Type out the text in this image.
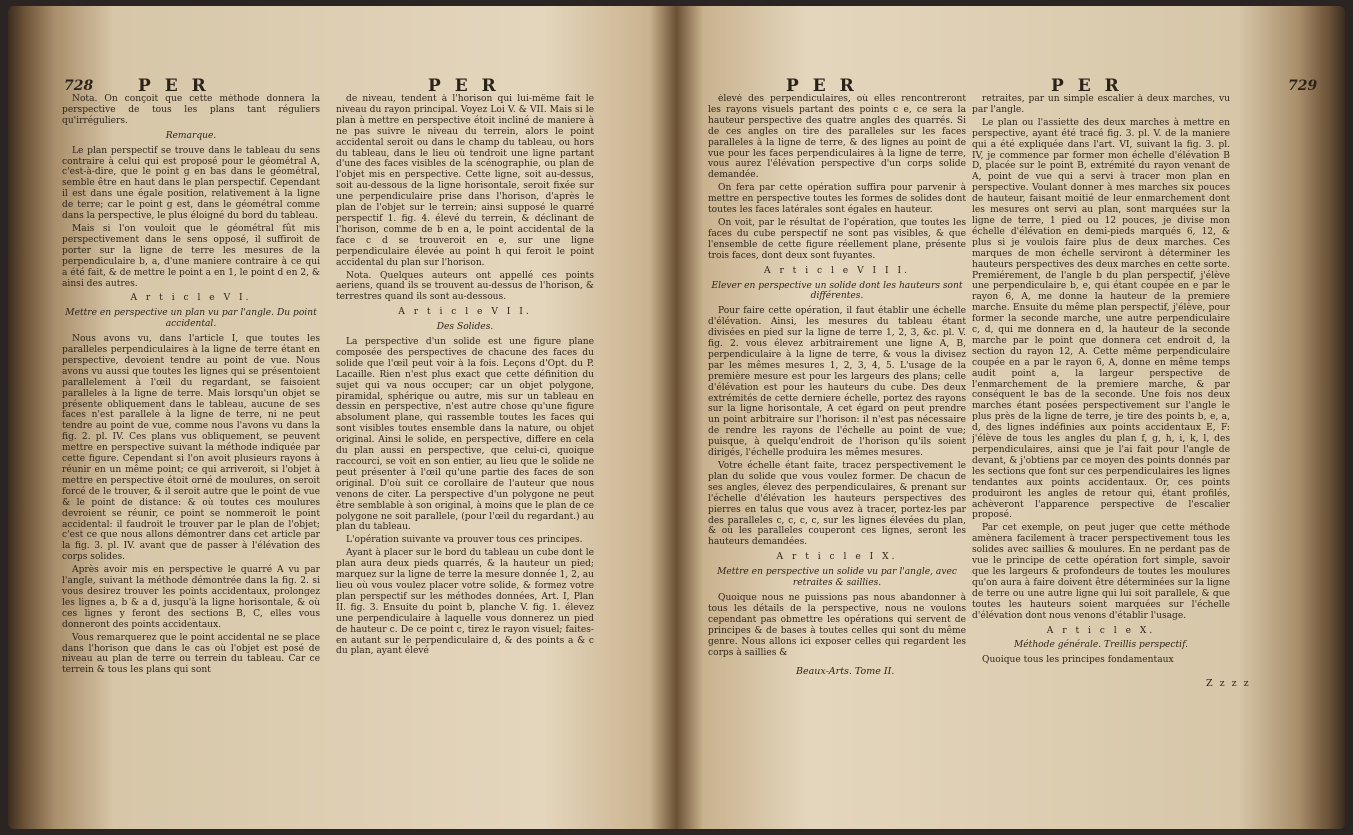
728	P E R	P E R

Nota. On conçoit que cette méthode donnera la perspective de tous les plans tant réguliers qu'irréguliers.

Remarque.

Le plan perspectif se trouve dans le tableau du sens contraire à celui qui est proposé pour le géométral A, c'est-à-dire, que le point g en bas dans le géométral, semble être en haut dans le plan perspectif. Cependant il est dans une égale position, relativement à la ligne de terre; car le point g est, dans le géométral comme dans la perspective, le plus éloigné du bord du tableau.

Mais si l'on vouloit que le géométral fût mis perspectivement dans le sens opposé, il suffiroit de porter sur la ligne de terre les mesures de la perpendiculaire b, a, d'une maniere contraire à ce qui a été fait, & de mettre le point a en 1, le point d en 2, & ainsi des autres.

A r t i c l e V I.

Mettre en perspective un plan vu par l'angle. Du point accidental.

Nous avons vu, dans l'article I, que toutes les paralleles perpendiculaires à la ligne de terre étant en perspective, devoient tendre au point de vue. Nous avons vu aussi que toutes les lignes qui se présentoient parallelement à l'œil du regardant, se faisoient paralleles à la ligne de terre. Mais lorsqu'un objet se présente obliquement dans le tableau, aucune de ses faces n'est parallele à la ligne de terre, ni ne peut tendre au point de vue, comme nous l'avons vu dans la fig. 2. pl. IV. Ces plans vus obliquement, se peuvent mettre en perspective suivant la méthode indiquée par cette figure. Cependant si l'on avoit plusieurs rayons à réunir en un même point; ce qui arriveroit, si l'objet à mettre en perspective étoit orné de moulures, on seroit forcé de le trouver, & il seroit autre que le point de vue & le point de distance: & où toutes ces moulures devroient se réunir, ce point se nommeroit le point accidental: il faudroit le trouver par le plan de l'objet; c'est ce que nous allons démontrer dans cet article par la fig. 3. pl. IV. avant que de passer à l'élévation des corps solides.

Après avoir mis en perspective le quarré A vu par l'angle, suivant la méthode démontrée dans la fig. 2. si vous desirez trouver les points accidentaux, prolongez les lignes a, b & a d, jusqu'à la ligne horisontale, & où ces lignes y feront des sections B, C, elles vous donneront des points accidentaux.

Vous remarquerez que le point accidental ne se place dans l'horison que dans le cas où l'objet est posé de niveau au plan de terre ou terrein du tableau. Car ce terrein & tous les plans qui sont

de niveau, tendent à l'horison qui lui-même fait le niveau du rayon principal. Voyez Loi V. & VII. Mais si le plan à mettre en perspective étoit incliné de maniere à ne pas suivre le niveau du terrein, alors le point accidental seroit ou dans le champ du tableau, ou hors du tableau, dans le lieu où tendroit une ligne partant d'une des faces visibles de la scénographie, ou plan de l'objet mis en perspective. Cette ligne, soit au-dessus, soit au-dessous de la ligne horisontale, seroit fixée sur une perpendiculaire prise dans l'horison, d'après le plan de l'objet sur le terrein; ainsi supposé le quarré perspectif 1. fig. 4. élevé du terrein, & déclinant de l'horison, comme de b en a, le point accidental de la face c d se trouveroit en e, sur une ligne perpendiculaire élevée au point h qui feroit le point accidental du plan sur l'horison.

Nota. Quelques auteurs ont appellé ces points aeriens, quand ils se trouvent au-dessus de l'horison, & terrestres quand ils sont au-dessous.

A r t i c l e V I I.

Des Solides.

La perspective d'un solide est une figure plane composée des perspectives de chacune des faces du solide que l'œil peut voir à la fois. Leçons d'Opt. du P. Lacaille. Rien n'est plus exact que cette définition du sujet qui va nous occuper; car un objet polygone, piramidal, sphérique ou autre, mis sur un tableau en dessin en perspective, n'est autre chose qu'une figure absolument plane, qui rassemble toutes les faces qui sont visibles toutes ensemble dans la nature, ou objet original. Ainsi le solide, en perspective, differe en cela du plan aussi en perspective, que celui-ci, quoique raccourci, se voit en son entier, au lieu que le solide ne peut présenter à l'œil qu'une partie des faces de son original. D'où suit ce corollaire de l'auteur que nous venons de citer. La perspective d'un polygone ne peut être semblable à son original, à moins que le plan de ce polygone ne soit parallele, (pour l'œil du regardant.) au plan du tableau.

L'opération suivante va prouver tous ces principes.

Ayant à placer sur le bord du tableau un cube dont le plan aura deux pieds quarrés, & la hauteur un pied; marquez sur la ligne de terre la mesure donnée 1, 2, au lieu où vous voulez placer votre solide, & formez votre plan perspectif sur les méthodes données, Art. I, Plan II. fig. 3. Ensuite du point b, planche V. fig. 1. élevez une perpendiculaire à laquelle vous donnerez un pied de hauteur c. De ce point c, tirez le rayon visuel; faites-en autant sur le perpendiculaire d, & des points a & c du plan, ayant élevé

P E R	P E R	729

élevé des perpendiculaires, où elles rencontreront les rayons visuels partant des points c e, ce sera la hauteur perspective des quatre angles des quarrés. Si de ces angles on tire des paralleles sur les faces paralleles à la ligne de terre, & des lignes au point de vue pour les faces perpendiculaires à la ligne de terre, vous aurez l'élévation perspective d'un corps solide demandée.

On fera par cette opération suffira pour parvenir à mettre en perspective toutes les formes de solides dont toutes les faces latérales sont égales en hauteur.

On voit, par le résultat de l'opération, que toutes les faces du cube perspectif ne sont pas visibles, & que l'ensemble de cette figure réellement plane, présente trois faces, dont deux sont fuyantes.

A r t i c l e V I I I.

Elever en perspective un solide dont les hauteurs sont différentes.

Pour faire cette opération, il faut établir une échelle d'élévation. Ainsi, les mesures du tableau étant divisées en pied sur la ligne de terre 1, 2, 3, &c. pl. V. fig. 2. vous élevez arbitrairement une ligne A, B, perpendiculaire à la ligne de terre, & vous la divisez par les mêmes mesures 1, 2, 3, 4, 5. L'usage de la première mesure est pour les largeurs des plans; celle d'élévation est pour les hauteurs du cube. Des deux extrémités de cette derniere échelle, portez des rayons sur la ligne horisontale, A cet égard on peut prendre un point arbitraire sur l'horison: il n'est pas nécessaire de rendre les rayons de l'échelle au point de vue; puisque, à quelqu'endroit de l'horison qu'ils soient dirigés, l'échelle produira les mêmes mesures.

Votre échelle étant faite, tracez perspectivement le plan du solide que vous voulez former. De chacun de ses angles, élevez des perpendiculaires, & prenant sur l'échelle d'élévation les hauteurs perspectives des pierres en talus que vous avez à tracer, portez-les par des paralleles c, c, c, c, sur les lignes élevées du plan, & où les paralleles couperont ces lignes, seront les hauteurs demandées.

A r t i c l e I X.

Mettre en perspective un solide vu par l'angle, avec retraites & saillies.

Quoique nous ne puissions pas nous abandonner à tous les détails de la perspective, nous ne voulons cependant pas obmettre les opérations qui servent de principes & de bases à toutes celles qui sont du même genre. Nous allons ici exposer celles qui regardent les corps à saillies &

retraites, par un simple escalier à deux marches, vu par l'angle.

Le plan ou l'assiette des deux marches à mettre en perspective, ayant été tracé fig. 3. pl. V. de la maniere qui a été expliquée dans l'art. VI, suivant la fig. 3. pl. IV, je commence par former mon échelle d'élévation B D, placée sur le point B, extrémité du rayon venant de A, point de vue qui a servi à tracer mon plan en perspective. Voulant donner à mes marches six pouces de hauteur, faisant moitié de leur enmarchement dont les mesures ont servi au plan, sont marquées sur la ligne de terre, 1 pied ou 12 pouces, je divise mon échelle d'élévation en demi-pieds marqués 6, 12, & plus si je voulois faire plus de deux marches. Ces marques de mon échelle serviront à déterminer les hauteurs perspectives des deux marches en cette sorte. Premiérement, de l'angle b du plan perspectif, j'élève une perpendiculaire b, e, qui étant coupée en e par le rayon 6, A, me donne la hauteur de la premiere marche. Ensuite du même plan perspectif, j'élève, pour former la seconde marche, une autre perpendiculaire c, d, qui me donnera en d, la hauteur de la seconde marche par le point que donnera cet endroit d, la section du rayon 12, A. Cette même perpendiculaire coupée en a par le rayon 6, A, donne en même temps audit point a, la largeur perspective de l'enmarchement de la premiere marche, & par conséquent le bas de la seconde. Une fois nos deux marches étant posées perspectivement sur l'angle le plus près de la ligne de terre, je tire des points b, e, a, d, des lignes indéfinies aux points accidentaux E, F: j'élève de tous les angles du plan f, g, h, i, k, l, des perpendiculaires, ainsi que je l'ai fait pour l'angle de devant, & j'obtiens par ce moyen des points donnés par les sections que font sur ces perpendiculaires les lignes tendantes aux points accidentaux. Or, ces points produiront les angles de retour qui, étant profilés, achèveront l'apparence perspective de l'escalier proposé.

Par cet exemple, on peut juger que cette méthode amènera facilement à tracer perspectivement tous les solides avec saillies & moulures. En ne perdant pas de vue le principe de cette opération fort simple, savoir que les largeurs & profondeurs de toutes les moulures qu'on aura à faire doivent être déterminées sur la ligne de terre ou une autre ligne qui lui soit parallele, & que toutes les hauteurs soient marquées sur l'échelle d'élévation dont nous venons d'établir l'usage.

A r t i c l e X.

Méthode générale. Treillis perspectif.

Quoique tous les principes fondamentaux

Beaux-Arts. Tome II.
Z z z z
